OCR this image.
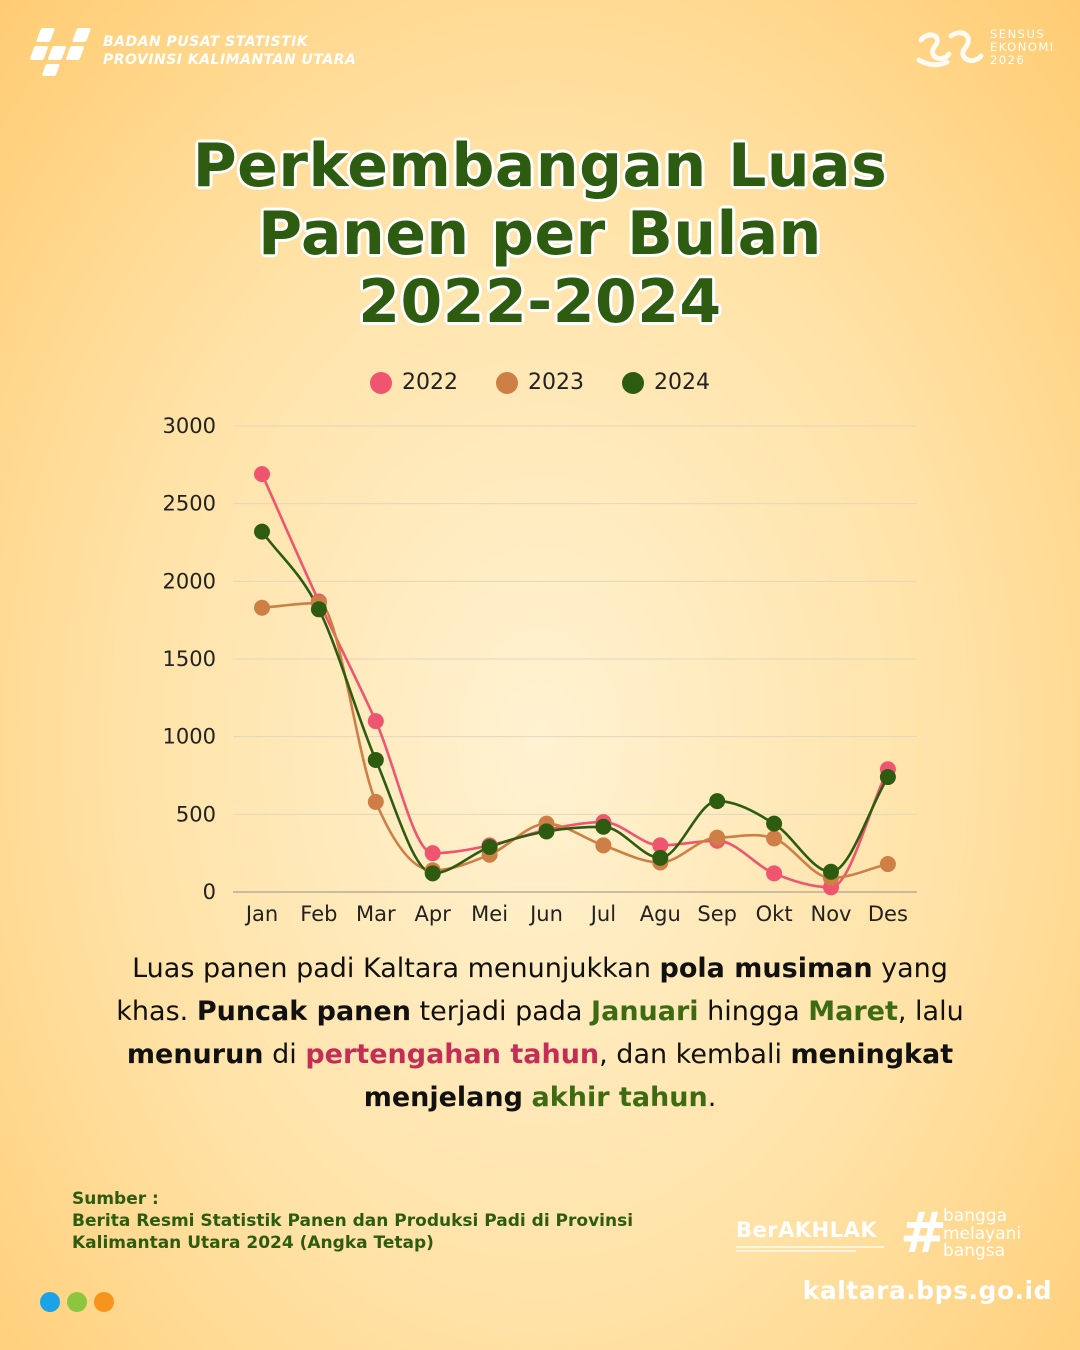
BADAN PUSAT STATISTIK
PROVINSI KALIMANTAN UTARA
SENSUS
EKONOMI
2026
Perkembangan Luas
Panen per Bulan
2022-2024
2022	2023	2024
0
500
1000
1500
2000
2500
3000
Jan Feb Mar Apr Mei Jun Jul Agu Sep Okt Nov Des

Luas panen padi Kaltara menunjukkan pola musiman yang khas. Puncak panen terjadi pada Januari hingga Maret, lalu menurun di pertengahan tahun, dan kembali meningkat menjelang akhir tahun.

Sumber :
Berita Resmi Statistik Panen dan Produksi Padi di Provinsi
Kalimantan Utara 2024 (Angka Tetap)
BerAKHLAK #
bangga
melayani
bangsa
kaltara.bps.go.id
